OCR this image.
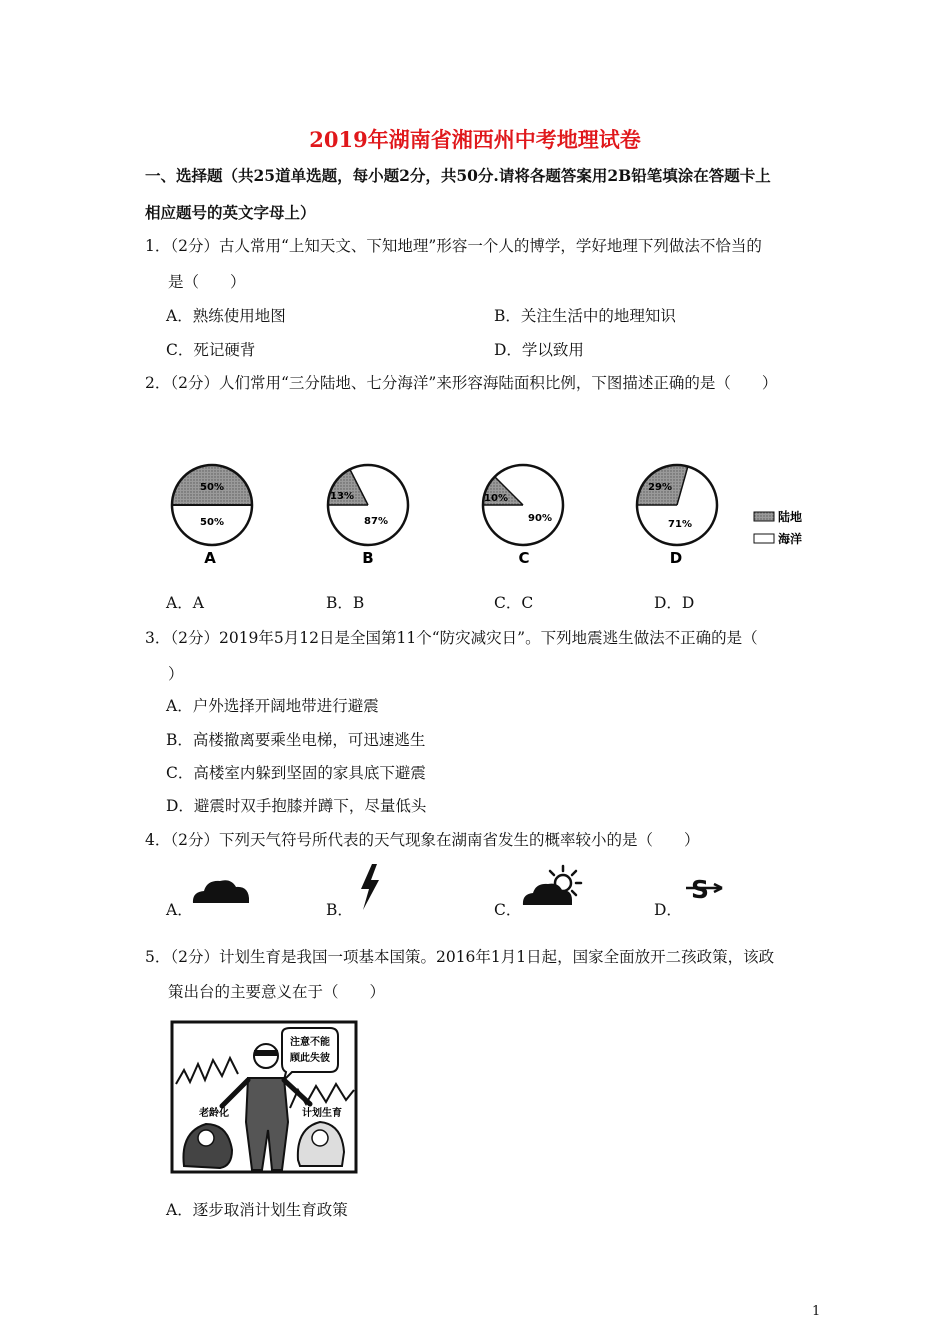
2019年湖南省湘西州中考地理试卷
一、选择题（共25道单选题，每小题2分，共50分.请将各题答案用2B铅笔填涂在答题卡上
相应题号的英文字母上）
1．（2分）古人常用“上知天文、下知地理”形容一个人的博学，学好地理下列做法不恰当的
是（　　）
A．熟练使用地图	B．关注生活中的地理知识
C．死记硬背	D．学以致用
2．（2分）人们常用“三分陆地、七分海洋”来形容海陆面积比例，下图描述正确的是（　　）
50%
50%
A
13%
87%
B
10%
90%
C
29%
71%
D
陆地
海洋
A．A	B．B	C．C	D．D
3．（2分）2019年5月12日是全国第11个“防灾减灾日”。下列地震逃生做法不正确的是（
）
A．户外选择开阔地带进行避震
B．高楼撤离要乘坐电梯，可迅速逃生
C．高楼室内躲到坚固的家具底下避震
D．避震时双手抱膝并蹲下，尽量低头
4．（2分）下列天气符号所代表的天气现象在湖南省发生的概率较小的是（　　）
A．	B．	C．	D．
S
5．（2分）计划生育是我国一项基本国策。2016年1月1日起，国家全面放开二孩政策，该政
策出台的主要意义在于（　　）
注意不能
顾此失彼
老龄化	计划生育
A．逐步取消计划生育政策
1
